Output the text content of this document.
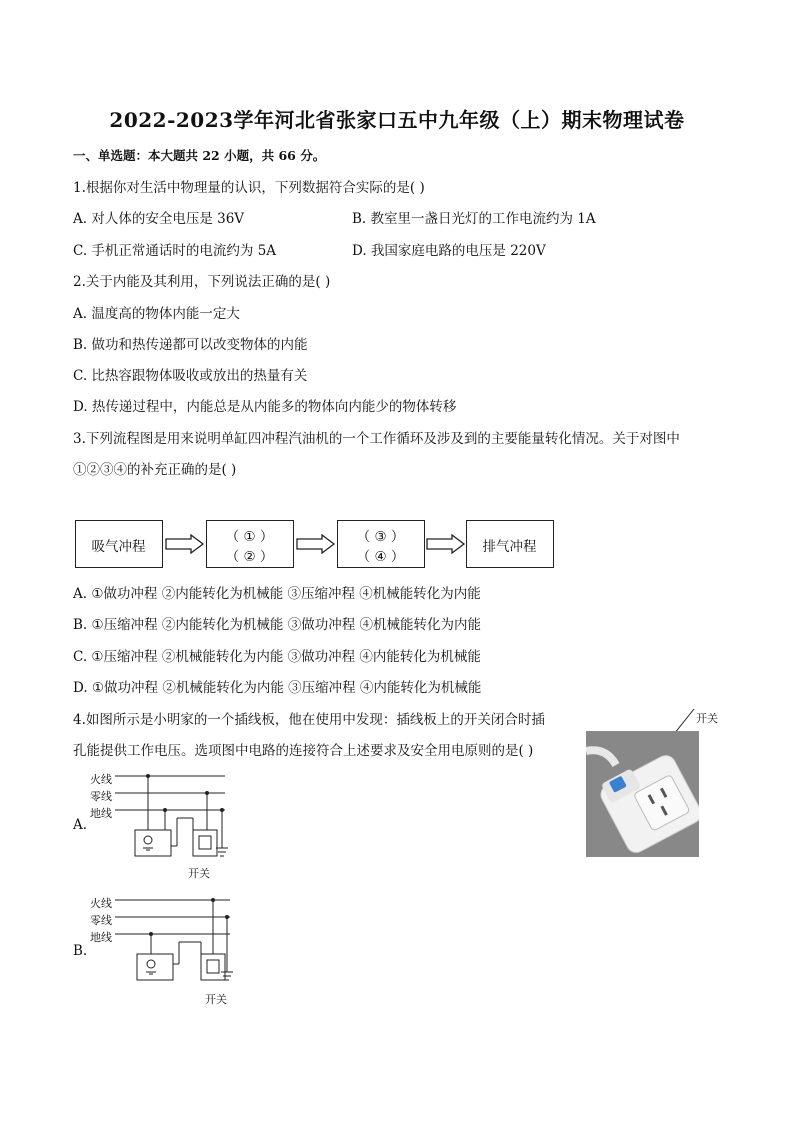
2022-2023学年河北省张家口五中九年级（上）期末物理试卷
一、单选题：本大题共 22 小题，共 66 分。
1.根据你对生活中物理量的认识，下列数据符合实际的是( )
A. 对人体的安全电压是 36V	B. 教室里一盏日光灯的工作电流约为 1A
C. 手机正常通话时的电流约为 5A	D. 我国家庭电路的电压是 220V
2.关于内能及其利用，下列说法正确的是( )
A. 温度高的物体内能一定大
B. 做功和热传递都可以改变物体的内能
C. 比热容跟物体吸收或放出的热量有关
D. 热传递过程中，内能总是从内能多的物体向内能少的物体转移
3.下列流程图是用来说明单缸四冲程汽油机的一个工作循环及涉及到的主要能量转化情况。关于对图中
①②③④的补充正确的是( )
吸气冲程
（ ① ）
（ ② ）
（ ③ ）
（ ④ ）
排气冲程
A. ①做功冲程 ②内能转化为机械能 ③压缩冲程 ④机械能转化为内能
B. ①压缩冲程 ②内能转化为机械能 ③做功冲程 ④机械能转化为内能
C. ①压缩冲程 ②机械能转化为内能 ③做功冲程 ④内能转化为机械能
D. ①做功冲程 ②机械能转化为内能 ③压缩冲程 ④内能转化为机械能
4.如图所示是小明家的一个插线板，他在使用中发现：插线板上的开关闭合时插
孔能提供工作电压。选项图中电路的连接符合上述要求及安全用电原则的是( )
开关
A.
火线
零线
地线
开关
B.
火线
零线
地线
开关
